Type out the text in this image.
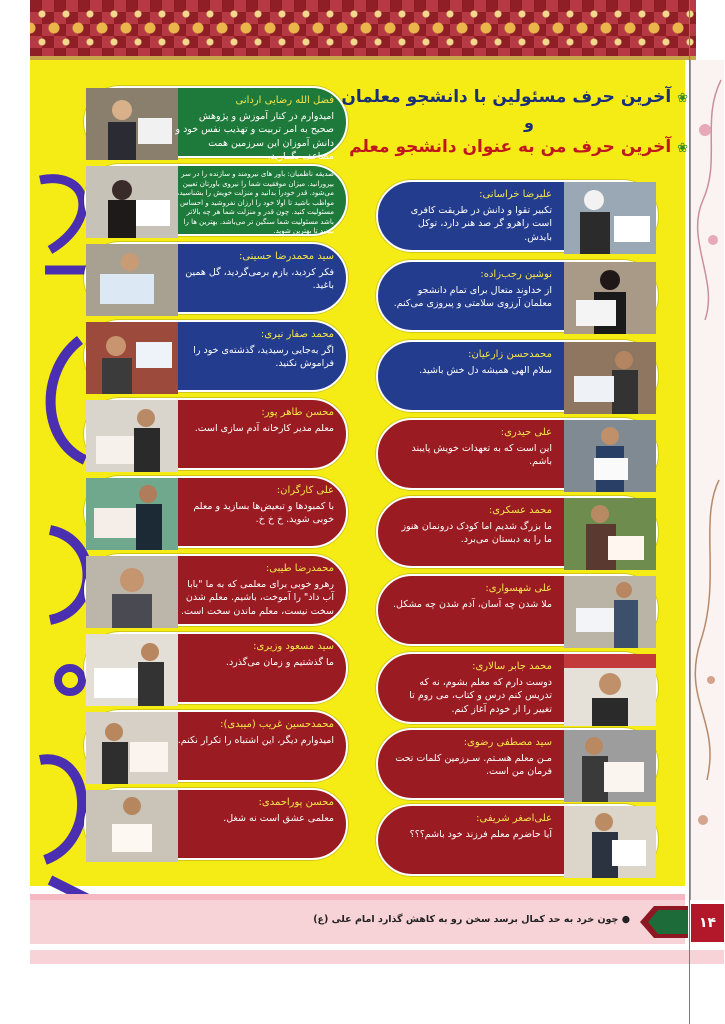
❀ آخرین حرف مسئولین با دانشجو معلمان
و
❀ آخرین حرف من به عنوان دانشجو معلم
فضل الله رضایی اردانی
امیدوارم در کنار آموزش و پژوهش صحیح به امر تربیت و تهذیب نفس خود و دانش آموزان این سرزمین همت مضاعف بگمارید.
صدیقه ناظمیان: باور های نیرومند و سازنده را در سر بپرورانید. میزان موفقیت شما را نیروی باورتان تعیین می‌شود. قدر خودرا بدانید و منزلت خویش را بشناسید، مواظب باشید تا اولا خود را ارزان نفروشید و احساس مسئولیت کنید. چون قدر و منزلت شما هر چه بالاتر باشد مسئولیت شما سنگین تر می‌باشد. بهترین ها را ببینید تا بهترین شوید.
سید محمدرضا حسینی:
فکر کردید، بازم برمی‌گردید، گل همین باغید.
محمد صفار نیری:
اگر به‌جایی رسیدید، گذشته‌ی خود را فراموش نکنید.
محسن طاهر پور:
معلم مدیر کارخانه آدم سازی است.
علی کارگران:
با کمبودها و تبعیض‌ها بسازید و معلم خوبی شوید. خ خ خ.
محمدرضا طیبی:
رهرو خوبی برای معلمی که به ما "بابا آب داد" را آموخت، باشیم. معلم شدن سخت نیست، معلم ماندن سخت است.
سید مسعود وزیری:
ما گذشتیم و زمان می‌گذرد.
محمدحسین غریب (میبدی):
امیدوارم دیگر، این اشتباه را تکرار نکنم.
محسن پوراحمدی:
معلمی عشق است نه شغل.
علیرضا خراسانی:
تکبیر تقوا و دانش در طریقت کافری است راهرو گر صد هنر دارد، توکل بایدش.
نوشین رجب‌زاده:
از خداوند متعال برای تمام دانشجو معلمان آرزوی سلامتی و پیروزی می‌کنم.
محمدحسن زارعیان:
سلام الهی همیشه دل خش باشید.
علی حیدری:
این است که به تعهدات خویش پایبند باشم.
محمد عسکری:
ما بزرگ شدیم اما کودک درونمان هنوز ما را به دبستان می‌برد.
علی شهسواری:
ملا شدن چه آسان، آدم شدن چه مشکل.
محمد جابر سالاری:
دوست دارم که معلم بشوم، نه که تدریس کنم درس و کتاب، می روم تا تغییر را از خودم آغاز کنم.
سید مصطفی رضوی:
مـن معلم هسـتم. سـرزمین کلمات تحت فرمان من است.
علی‌اصغر شریفی:
آیا حاضرم معلم فرزند خود باشم؟؟؟
● چون خرد به حد کمال برسد سخن رو به کاهش گذارد امام علی (ع)	۱۴
